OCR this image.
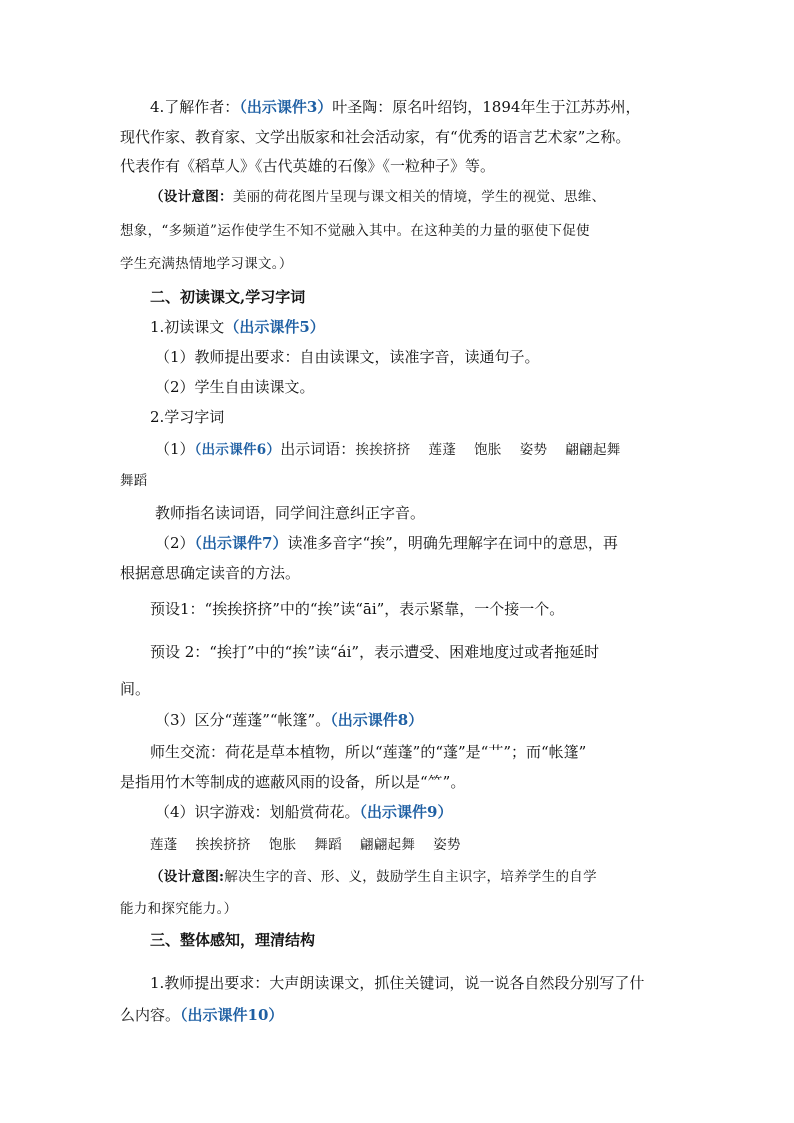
4.了解作者：（出示课件3）叶圣陶：原名叶绍钧，1894年生于江苏苏州，
现代作家、教育家、文学出版家和社会活动家，有“优秀的语言艺术家”之称。
代表作有《稻草人》《古代英雄的石像》《一粒种子》等。
（设计意图：美丽的荷花图片呈现与课文相关的情境，学生的视觉、思维、
想象，“多频道”运作使学生不知不觉融入其中。在这种美的力量的驱使下促使
学生充满热情地学习课文。）
二、初读课文,学习字词
1.初读课文（出示课件5）
（1）教师提出要求：自由读课文，读准字音，读通句子。
（2）学生自由读课文。
2.学习字词
（1）（出示课件6）出示词语：挨挨挤挤 莲蓬 饱胀 姿势 翩翩起舞
舞蹈
教师指名读词语，同学间注意纠正字音。
（2）（出示课件7）读准多音字“挨”，明确先理解字在词中的意思，再
根据意思确定读音的方法。
预设1：“挨挨挤挤”中的“挨”读“āi”，表示紧靠，一个接一个。
预设 2：“挨打”中的“挨”读“ái”，表示遭受、困难地度过或者拖延时
间。
（3）区分“莲蓬”“帐篷”。（出示课件8）
师生交流：荷花是草本植物，所以“莲蓬”的“蓬”是“艹”；而“帐篷”
是指用竹木等制成的遮蔽风雨的设备，所以是“⺮”。
（4）识字游戏：划船赏荷花。（出示课件9）
莲蓬 挨挨挤挤 饱胀 舞蹈 翩翩起舞 姿势
（设计意图:解决生字的音、形、义，鼓励学生自主识字，培养学生的自学
能力和探究能力。）
三、整体感知，理清结构
1.教师提出要求：大声朗读课文，抓住关键词，说一说各自然段分别写了什
么内容。（出示课件10）
